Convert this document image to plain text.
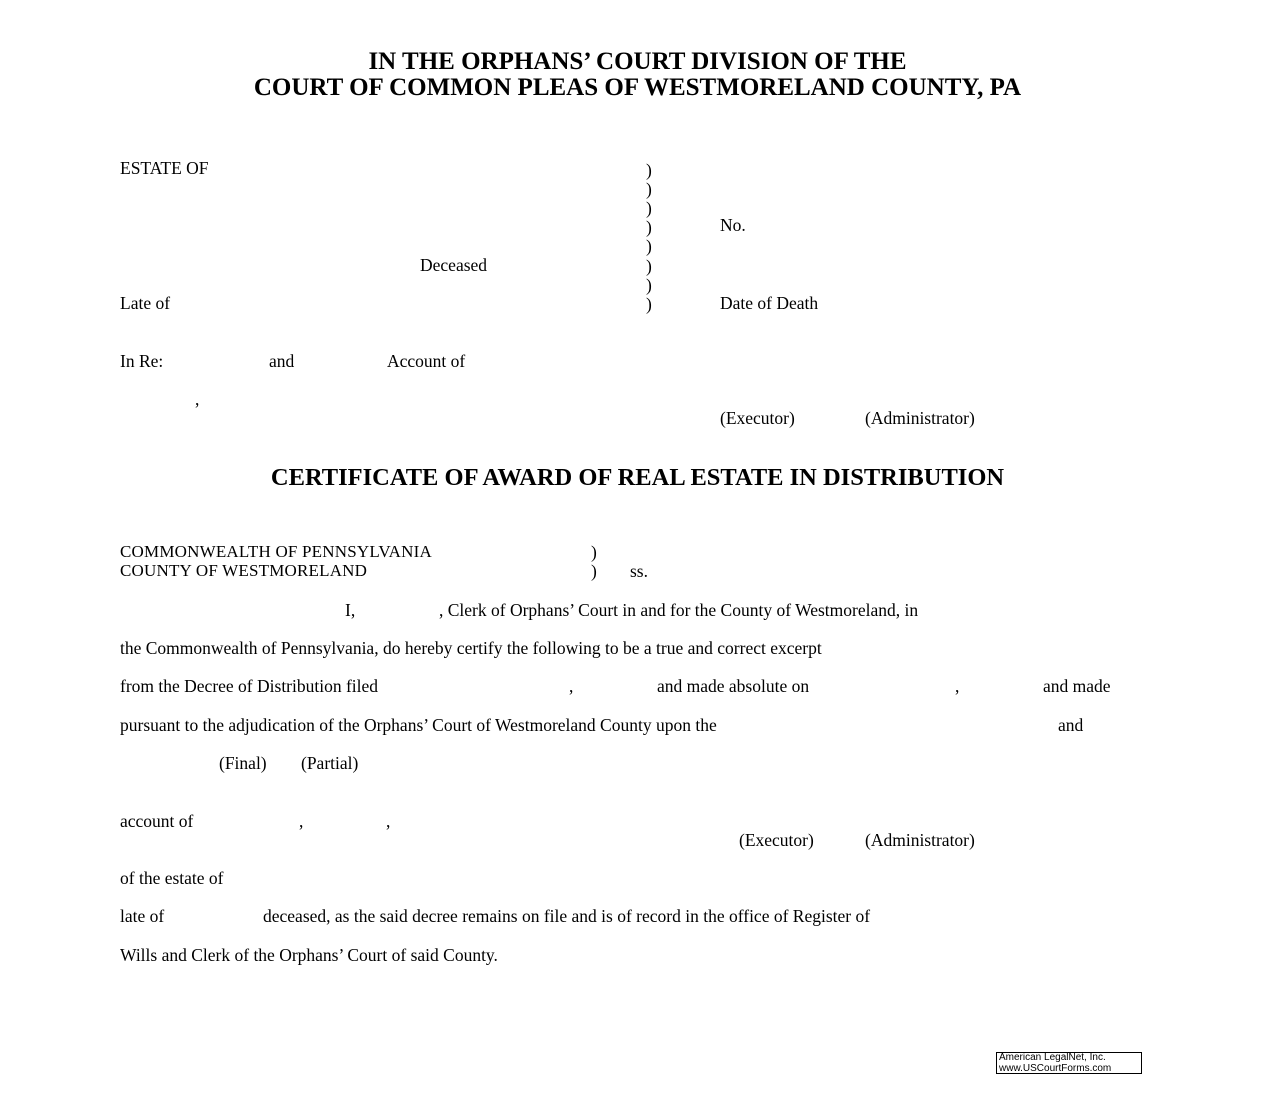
IN THE ORPHANS’ COURT DIVISION OF THE
COURT OF COMMON PLEAS OF WESTMORELAND COUNTY, PA
ESTATE OF
Deceased
Late of
)
)
)
)
)
)
)
)
No.
Date of Death
In Re:	and	Account of
,
(Executor)	(Administrator)
CERTIFICATE OF AWARD OF REAL ESTATE IN DISTRIBUTION
COMMONWEALTH OF PENNSYLVANIA	)
COUNTY OF WESTMORELAND	) ss.
I,	, Clerk of Orphans’ Court in and for the County of Westmoreland, in
the Commonwealth of Pennsylvania, do hereby certify the following to be a true and correct excerpt
from the Decree of Distribution filed	,	and made absolute on	,	and made
pursuant to the adjudication of the Orphans’ Court of Westmoreland County upon the	and
(Final) (Partial)
account of	,	,
(Executor)	(Administrator)
of the estate of
late of	deceased, as the said decree remains on file and is of record in the office of Register of
Wills and Clerk of the Orphans’ Court of said County.
American LegalNet, Inc.
www.USCourtForms.com
